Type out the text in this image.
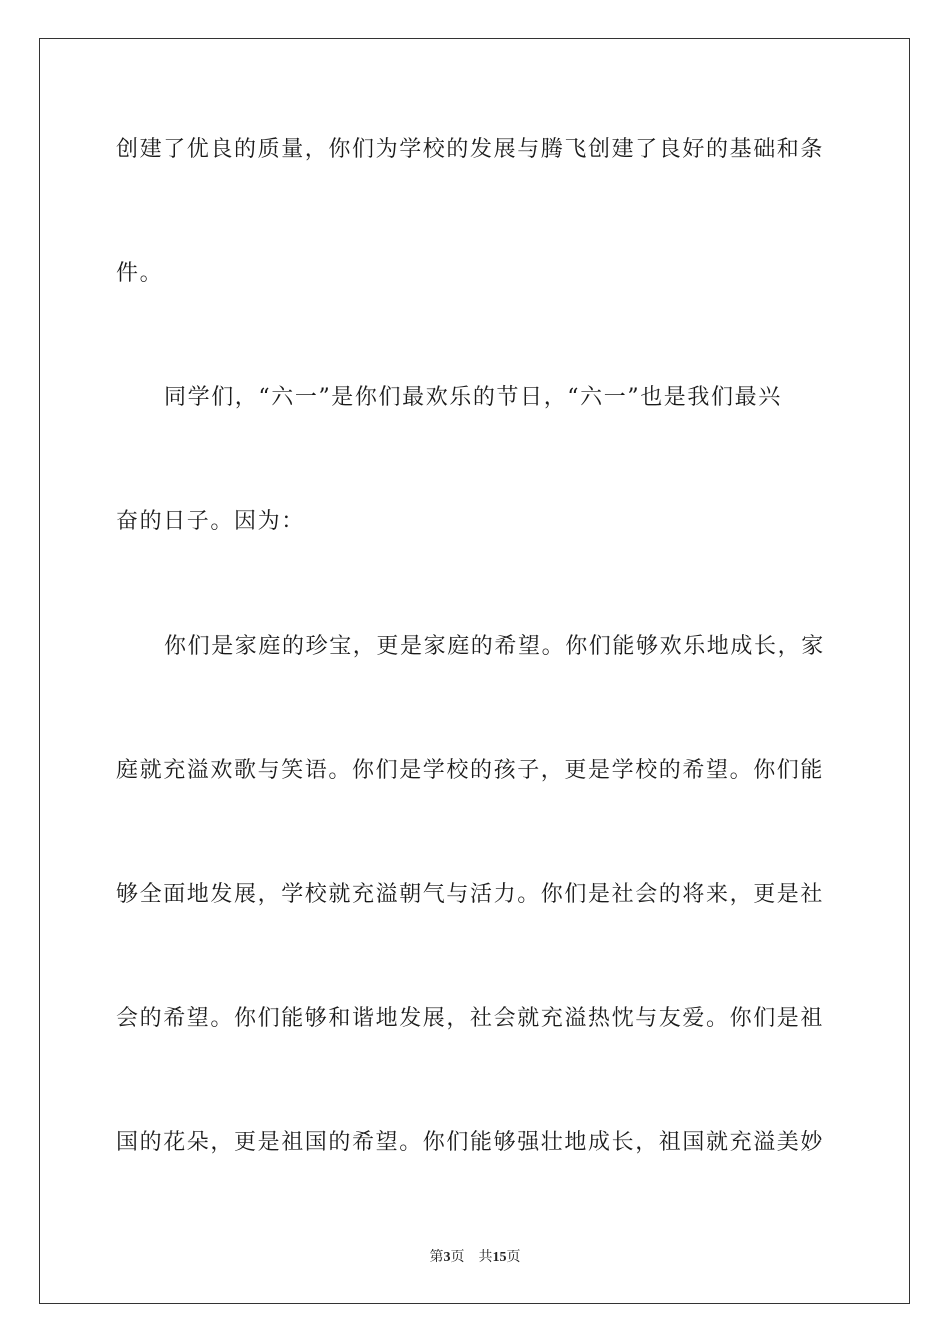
创建了优良的质量，你们为学校的发展与腾飞创建了良好的基础和条
件。
同学们，“六一”是你们最欢乐的节日，“六一”也是我们最兴
奋的日子。因为：
你们是家庭的珍宝，更是家庭的希望。你们能够欢乐地成长，家
庭就充溢欢歌与笑语。你们是学校的孩子，更是学校的希望。你们能
够全面地发展，学校就充溢朝气与活力。你们是社会的将来，更是社
会的希望。你们能够和谐地发展，社会就充溢热忱与友爱。你们是祖
国的花朵，更是祖国的希望。你们能够强壮地成长，祖国就充溢美妙
第3页 共15页
